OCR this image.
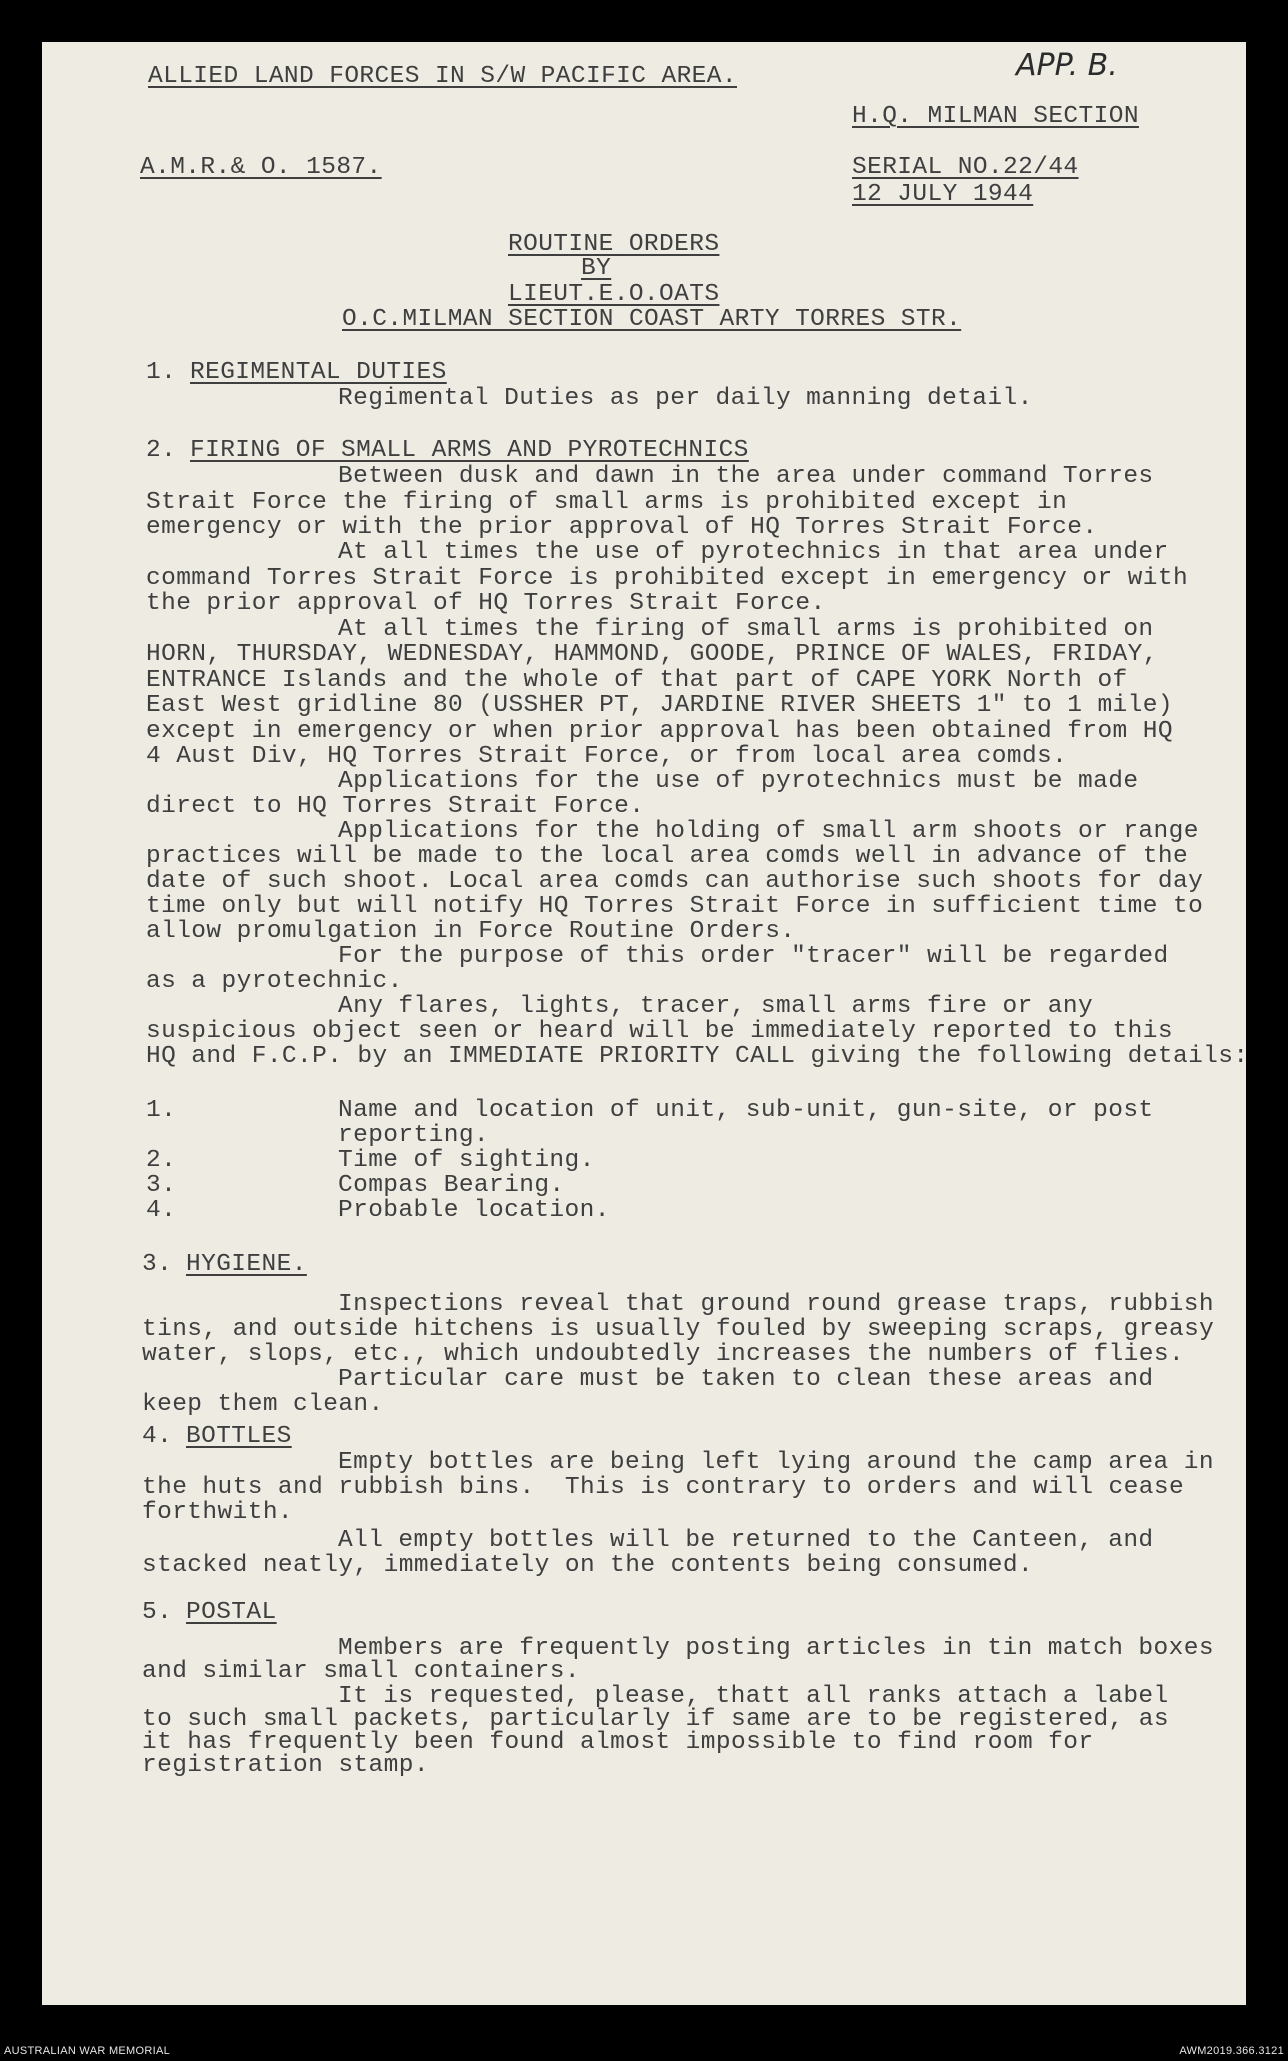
ALLIED LAND FORCES IN S/W PACIFIC AREA.	APP. B.
H.Q. MILMAN SECTION
A.M.R.& O. 1587.	SERIAL NO.22/44
12 JULY 1944
ROUTINE ORDERS
BY
LIEUT.E.O.OATS
O.C.MILMAN SECTION COAST ARTY TORRES STR.
1. REGIMENTAL DUTIES
Regimental Duties as per daily manning detail.
2. FIRING OF SMALL ARMS AND PYROTECHNICS
Between dusk and dawn in the area under command Torres
Strait Force the firing of small arms is prohibited except in
emergency or with the prior approval of HQ Torres Strait Force.
At all times the use of pyrotechnics in that area under
command Torres Strait Force is prohibited except in emergency or with
the prior approval of HQ Torres Strait Force.
At all times the firing of small arms is prohibited on
HORN, THURSDAY, WEDNESDAY, HAMMOND, GOODE, PRINCE OF WALES, FRIDAY,
ENTRANCE Islands and the whole of that part of CAPE YORK North of
East West gridline 80 (USSHER PT, JARDINE RIVER SHEETS 1" to 1 mile)
except in emergency or when prior approval has been obtained from HQ
4 Aust Div, HQ Torres Strait Force, or from local area comds.
Applications for the use of pyrotechnics must be made
direct to HQ Torres Strait Force.
Applications for the holding of small arm shoots or range
practices will be made to the local area comds well in advance of the
date of such shoot. Local area comds can authorise such shoots for day
time only but will notify HQ Torres Strait Force in sufficient time to
allow promulgation in Force Routine Orders.
For the purpose of this order "tracer" will be regarded
as a pyrotechnic.
Any flares, lights, tracer, small arms fire or any
suspicious object seen or heard will be immediately reported to this
HQ and F.C.P. by an IMMEDIATE PRIORITY CALL giving the following details:
1.	Name and location of unit, sub-unit, gun-site, or post
reporting.
2.	Time of sighting.
3.	Compas Bearing.
4.	Probable location.
3. HYGIENE.
Inspections reveal that ground round grease traps, rubbish
tins, and outside hitchens is usually fouled by sweeping scraps, greasy
water, slops, etc., which undoubtedly increases the numbers of flies.
Particular care must be taken to clean these areas and
keep them clean.
4. BOTTLES
Empty bottles are being left lying around the camp area in
the huts and rubbish bins.  This is contrary to orders and will cease
forthwith.
All empty bottles will be returned to the Canteen, and
stacked neatly, immediately on the contents being consumed.
5. POSTAL
Members are frequently posting articles in tin match boxes
and similar small containers.
It is requested, please, thatt all ranks attach a label
to such small packets, particularly if same are to be registered, as
it has frequently been found almost impossible to find room for
registration stamp.
AUSTRALIAN WAR MEMORIAL	AWM2019.366.3121
